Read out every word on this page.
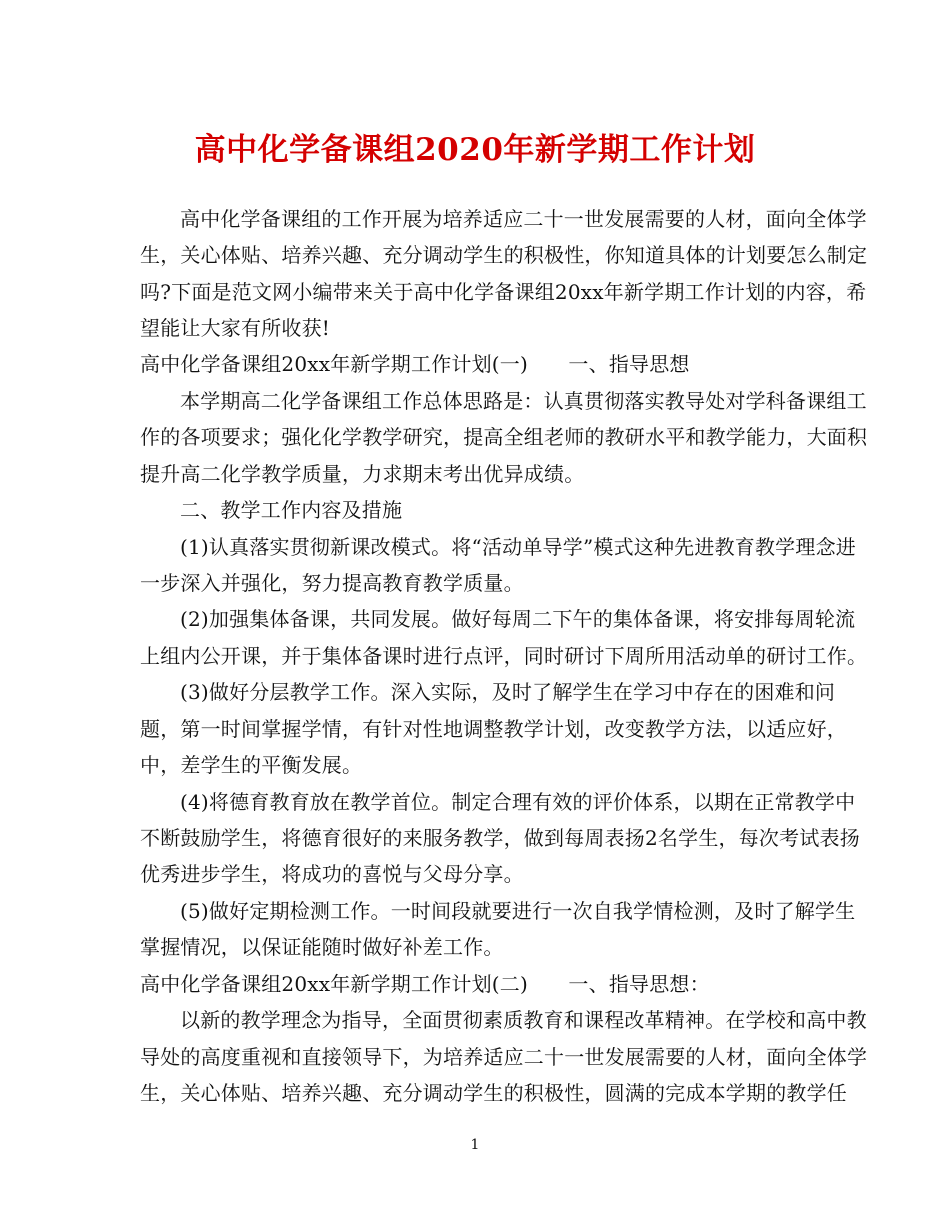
高中化学备课组2020年新学期工作计划
高中化学备课组的工作开展为培养适应二十一世发展需要的人材，面向全体学
生，关心体贴、培养兴趣、充分调动学生的积极性，你知道具体的计划要怎么制定
吗?下面是范文网小编带来关于高中化学备课组20xx年新学期工作计划的内容，希
望能让大家有所收获!
高中化学备课组20xx年新学期工作计划(一)　　一、指导思想
本学期高二化学备课组工作总体思路是：认真贯彻落实教导处对学科备课组工
作的各项要求；强化化学教学研究，提高全组老师的教研水平和教学能力，大面积
提升高二化学教学质量，力求期末考出优异成绩。
二、教学工作内容及措施
(1)认真落实贯彻新课改模式。将“活动单导学”模式这种先进教育教学理念进
一步深入并强化，努力提高教育教学质量。
(2)加强集体备课，共同发展。做好每周二下午的集体备课，将安排每周轮流
上组内公开课，并于集体备课时进行点评，同时研讨下周所用活动单的研讨工作。
(3)做好分层教学工作。深入实际，及时了解学生在学习中存在的困难和问
题，第一时间掌握学情，有针对性地调整教学计划，改变教学方法，以适应好，
中，差学生的平衡发展。
(4)将德育教育放在教学首位。制定合理有效的评价体系，以期在正常教学中
不断鼓励学生，将德育很好的来服务教学，做到每周表扬2名学生，每次考试表扬
优秀进步学生，将成功的喜悦与父母分享。
(5)做好定期检测工作。一时间段就要进行一次自我学情检测，及时了解学生
掌握情况，以保证能随时做好补差工作。
高中化学备课组20xx年新学期工作计划(二)　　一、指导思想：
以新的教学理念为指导，全面贯彻素质教育和课程改革精神。在学校和高中教
导处的高度重视和直接领导下，为培养适应二十一世发展需要的人材，面向全体学
生，关心体贴、培养兴趣、充分调动学生的积极性，圆满的完成本学期的教学任
1
